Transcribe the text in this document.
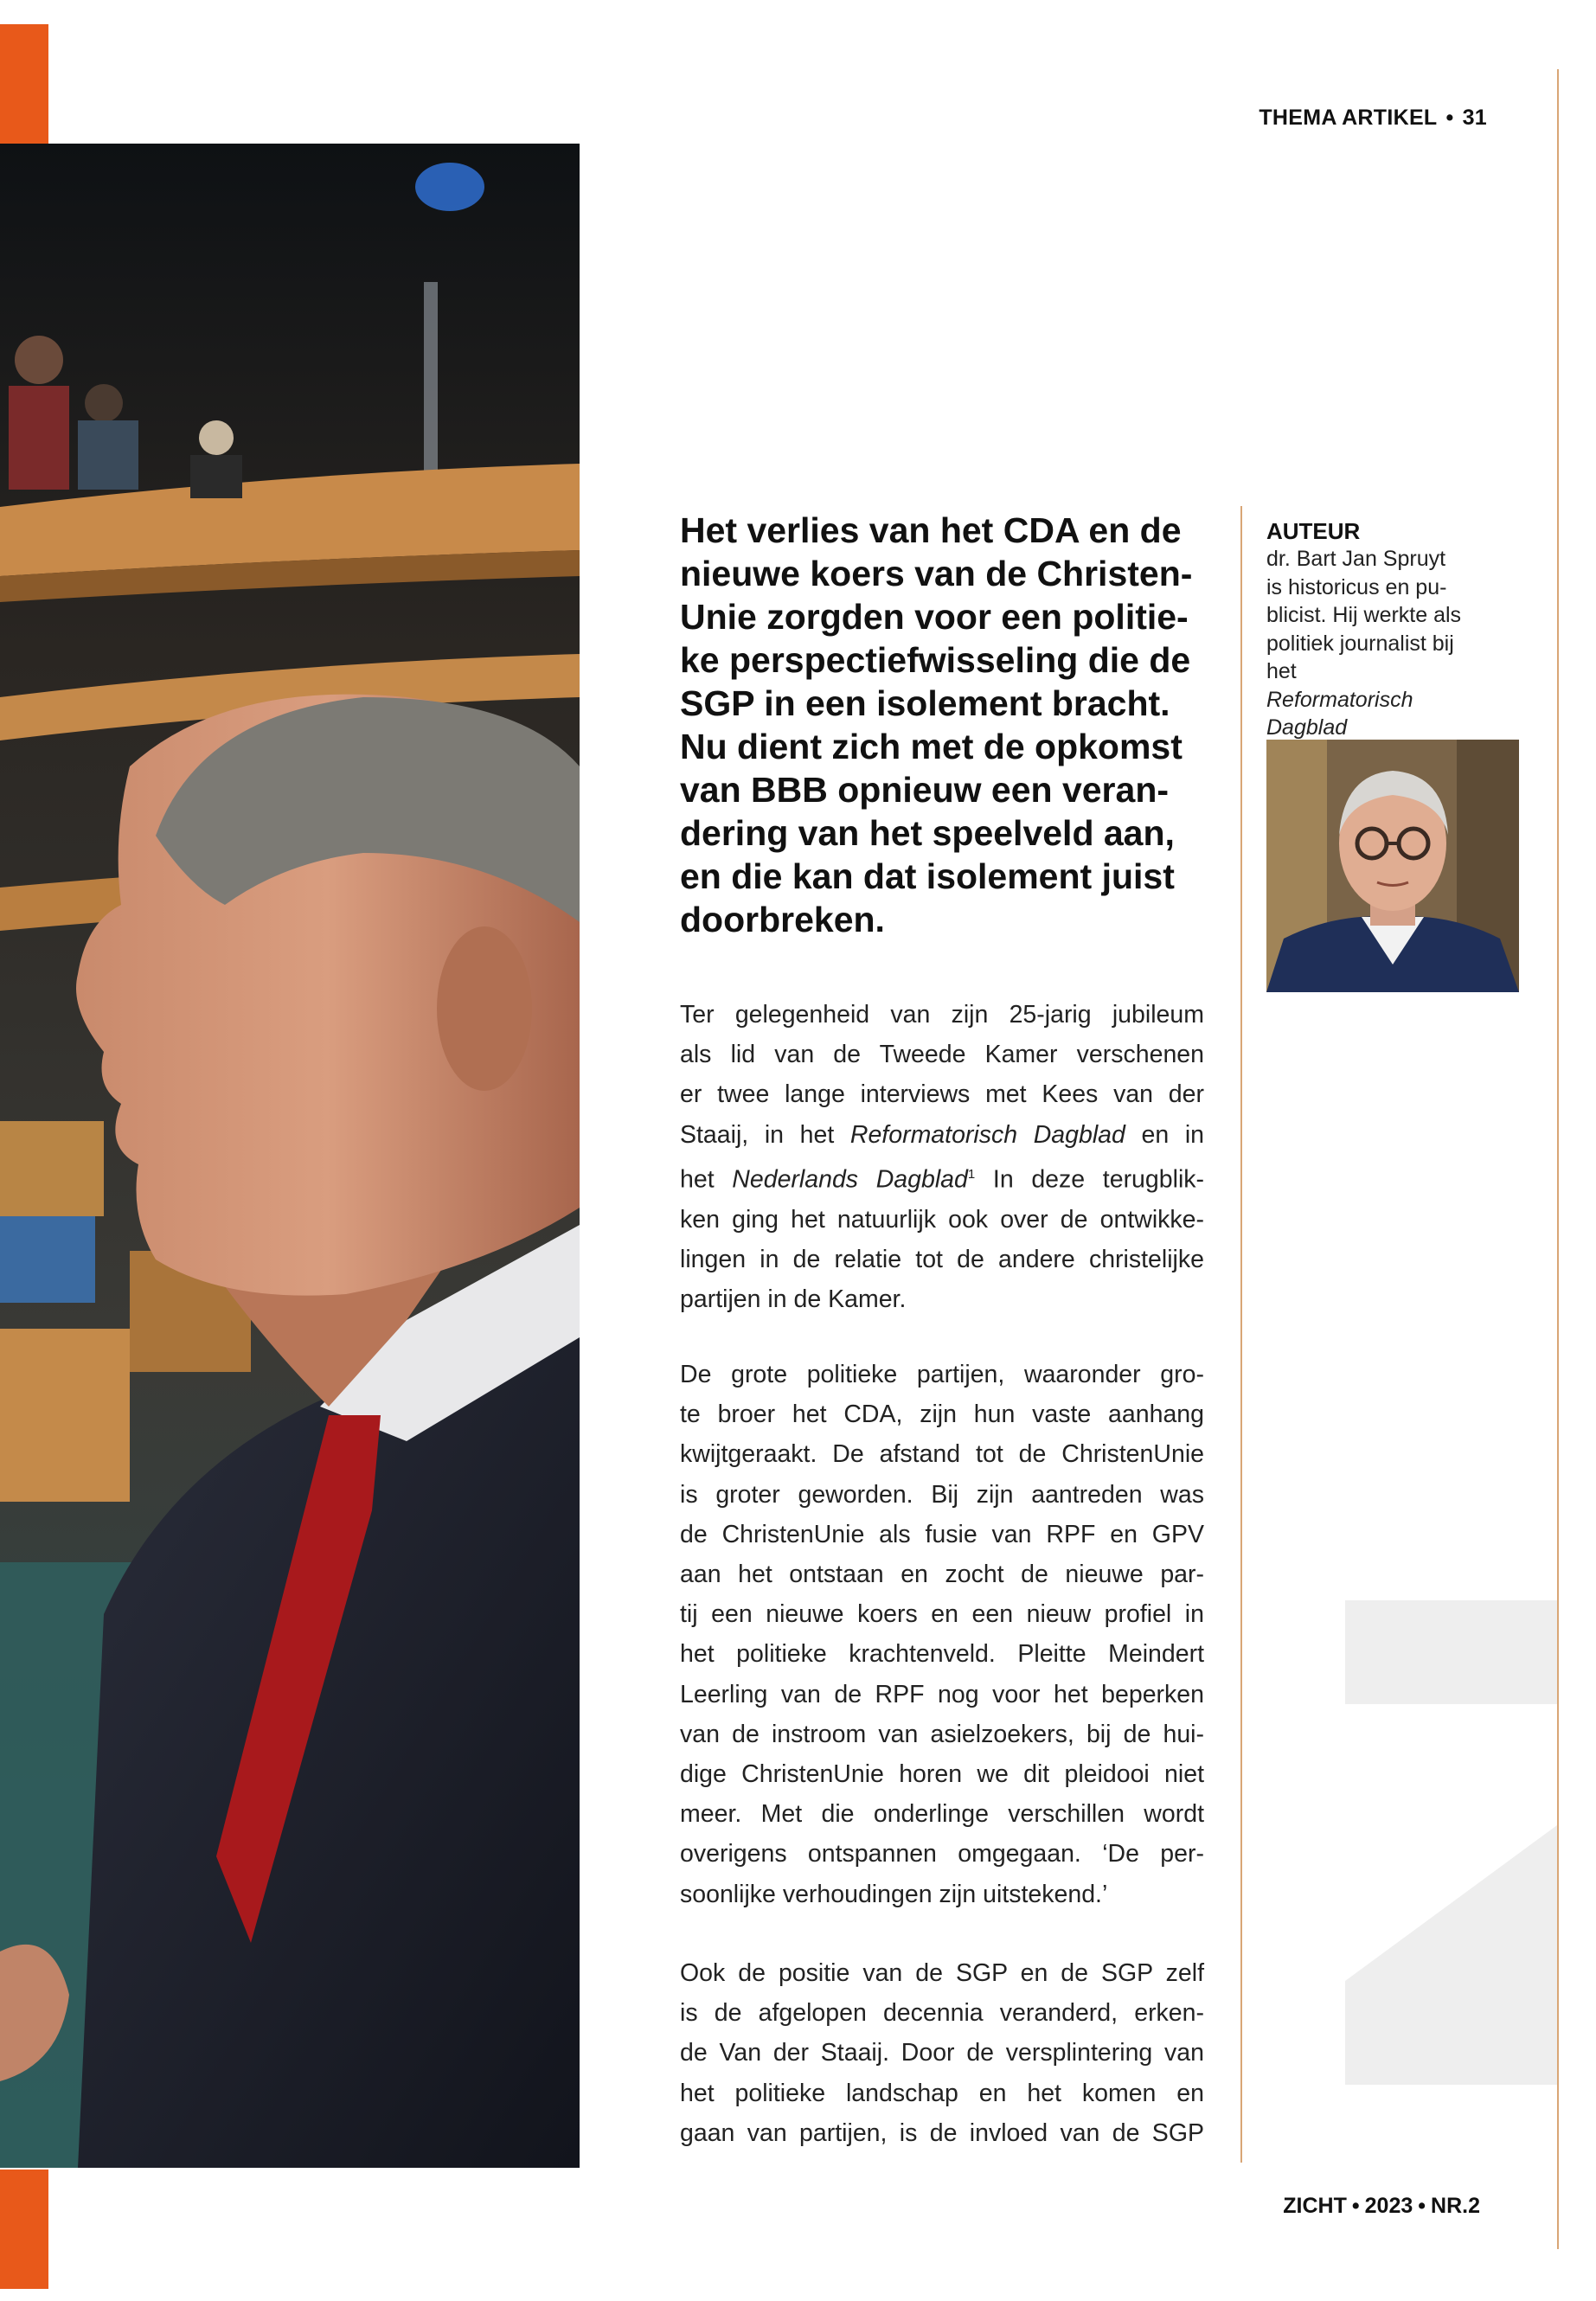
THEMA ARTIKEL • 31
Het verlies van het CDA en de
nieuwe koers van de Christen-
Unie zorgden voor een politie-
ke perspectiefwisseling die de
SGP in een isolement bracht.
Nu dient zich met de opkomst
van BBB opnieuw een veran-
dering van het speelveld aan,
en die kan dat isolement juist
doorbreken.
Ter gelegenheid van zijn 25-jarig jubileum
als lid van de Tweede Kamer verschenen
er twee lange interviews met Kees van der
Staaij, in het Reformatorisch Dagblad en in
het Nederlands Dagblad$^1$ In deze terugblik-
ken ging het natuurlijk ook over de ontwikke-
lingen in de relatie tot de andere christelijke
partijen in de Kamer.
De grote politieke partijen, waaronder gro-
te broer het CDA, zijn hun vaste aanhang
kwijtgeraakt. De afstand tot de ChristenUnie
is groter geworden. Bij zijn aantreden was
de ChristenUnie als fusie van RPF en GPV
aan het ontstaan en zocht de nieuwe par-
tij een nieuwe koers en een nieuw profiel in
het politieke krachtenveld. Pleitte Meindert
Leerling van de RPF nog voor het beperken
van de instroom van asielzoekers, bij de hui-
dige ChristenUnie horen we dit pleidooi niet
meer. Met die onderlinge verschillen wordt
overigens ontspannen omgegaan. ‘De per-
soonlijke verhoudingen zijn uitstekend.’
Ook de positie van de SGP en de SGP zelf
is de afgelopen decennia veranderd, erken-
de Van der Staaij. Door de versplintering van
het politieke landschap en het komen en
gaan van partijen, is de invloed van de SGP
AUTEUR
dr. Bart Jan Spruyt
is historicus en pu-
blicist. Hij werkte als
politiek journalist bij
het
Reformatorisch
Dagblad
ZICHT • 2023 • NR.2
